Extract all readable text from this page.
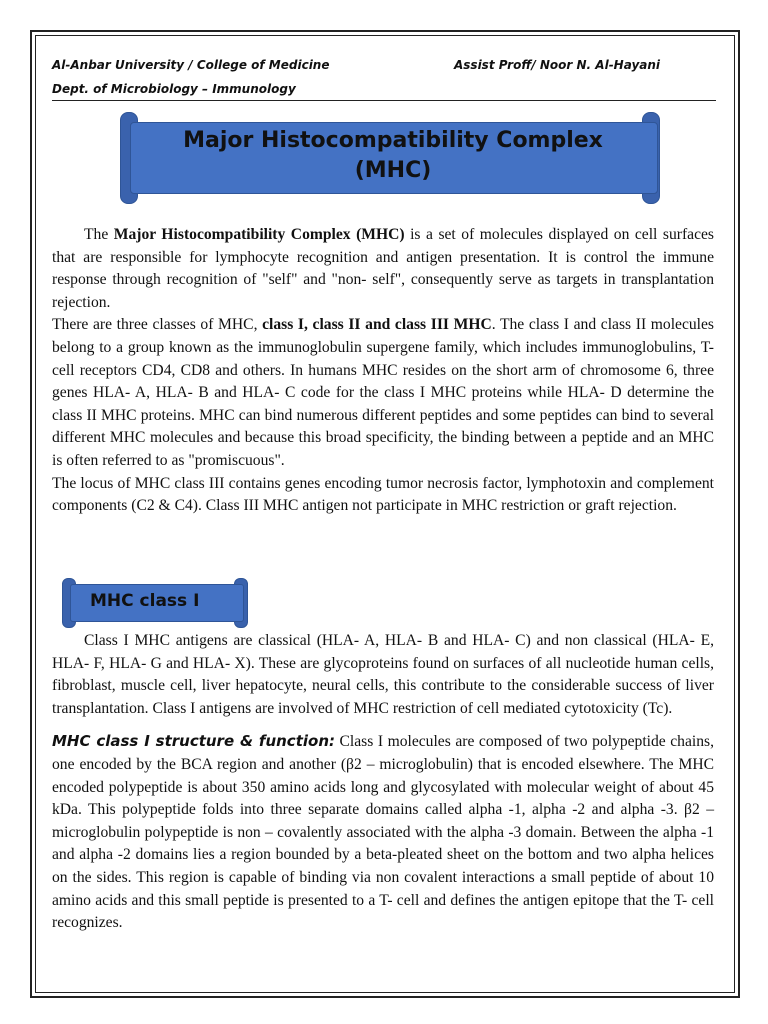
Al-Anbar University / College of Medicine
Dept. of Microbiology – Immunology
Assist Proff/ Noor N. Al-Hayani
Major Histocompatibility Complex
(MHC)

The Major Histocompatibility Complex (MHC) is a set of molecules displayed on cell surfaces that are responsible for lymphocyte recognition and antigen presentation. It is control the immune response through recognition of "self" and "non- self", consequently serve as targets in transplantation rejection.

There are three classes of MHC, class I, class II and class III MHC. The class I and class II molecules belong to a group known as the immunoglobulin supergene family, which includes immunoglobulins, T- cell receptors CD4, CD8 and others. In humans MHC resides on the short arm of chromosome 6, three genes HLA- A, HLA- B and HLA- C code for the class I MHC proteins while HLA- D determine the class II MHC proteins. MHC can bind numerous different peptides and some peptides can bind to several different MHC molecules and because this broad specificity, the binding between a peptide and an MHC is often referred to as "promiscuous".

The locus of MHC class III contains genes encoding tumor necrosis factor, lymphotoxin and complement components (C2 & C4). Class III MHC antigen not participate in MHC restriction or graft rejection.

MHC class I

Class I MHC antigens are classical (HLA- A, HLA- B and HLA- C) and non classical (HLA- E, HLA- F, HLA- G and HLA- X). These are glycoproteins found on surfaces of all nucleotide human cells, fibroblast, muscle cell, liver hepatocyte, neural cells, this contribute to the considerable success of liver transplantation. Class I antigens are involved of MHC restriction of cell mediated cytotoxicity (Tc).

MHC class I structure & function: Class I molecules are composed of two polypeptide chains, one encoded by the BCA region and another (β2 – microglobulin) that is encoded elsewhere. The MHC encoded polypeptide is about 350 amino acids long and glycosylated with molecular weight of about 45 kDa. This polypeptide folds into three separate domains called alpha -1, alpha -2 and alpha -3. β2 – microglobulin polypeptide is non – covalently associated with the alpha -3 domain. Between the alpha -1 and alpha -2 domains lies a region bounded by a beta-pleated sheet on the bottom and two alpha helices on the sides. This region is capable of binding via non covalent interactions a small peptide of about 10 amino acids and this small peptide is presented to a T- cell and defines the antigen epitope that the T- cell recognizes.
